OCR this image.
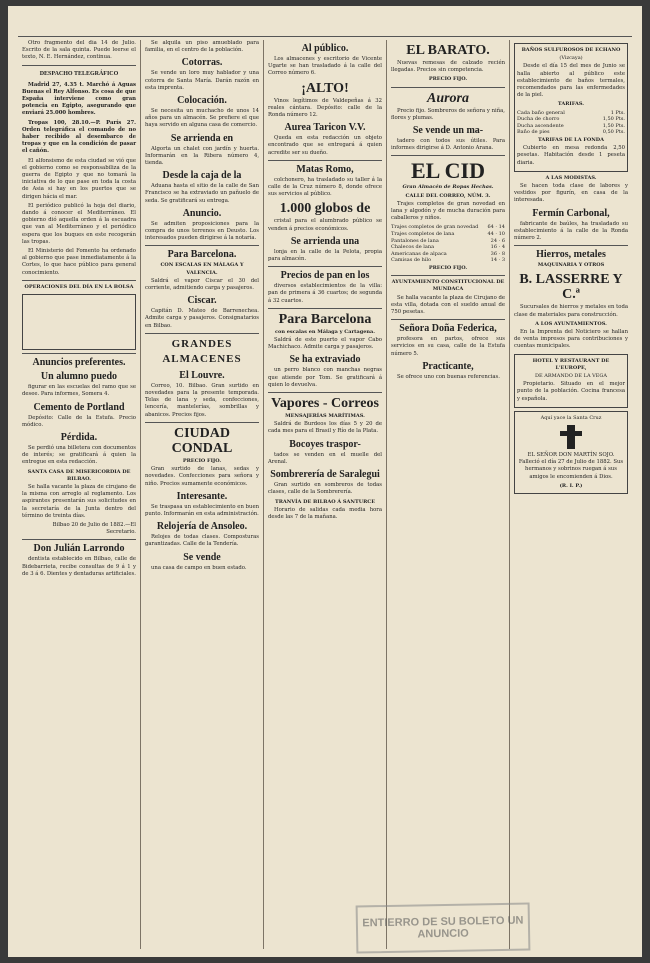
Otro fragmento del día 14 de Julio. Escrito de la sala quinta. Puede leerse el texto, N. E. Hernández, continua.

DESPACHO TELEGRÁFICO

Madrid 27, 4.35 t. Marchó á Aguas Buenas el Rey Alfonso. Es cosa de que España interviene como gran potencia en Egipto, asegurando que enviará 25.000 hombres.

Tropas 100, 28.10.—P. París 27. Orden telegráfica el comando de no haber recibido al desembarco de tropas y que en la condición de pasar el cañón.

El alfonsismo de esta ciudad se vió que el gobierno como se responsabiliza de la guerra de Egipto y que no tomará la iniciativa de lo que pase en toda la costa de Asia si hay en los puertos que se dirigen hácia el mar.

El periódico publicó la hoja del diario, dando á conocer el Mediterráneo. El gobierno dió aquella orden á la escuadra que van al Mediterráneo y el periódico espera que los buques en este recogerán las tropas.

El Ministerio del Fomento ha ordenado al gobierno que pase inmediatamente á la Cortes, lo que hace público para general conocimiento.

OPERACIONES DEL DÍA EN LA BOLSA
Anuncios preferentes.
Un alumno puedo

figurar en las escuelas del ramo que se desee. Para informes, Somera 4.

Cemento de Portland

Depósito: Calle de la Estufa. Precio módico.

Pérdida.

Se perdió una billetera con documentos de interés; se gratificará á quien la entregue en esta redacción.

SANTA CASA DE MISERICORDIA DE BILBAO.

Se halla vacante la plaza de cirujano de la misma con arreglo al reglamento. Los aspirantes presentarán sus solicitudes en la secretaría de la Junta dentro del término de treinta días.

Bilbao 20 de Julio de 1882.—El Secretario.

Don Julián Larrondo

dentista establecido en Bilbao, calle de Bidebarrieta, recibe consultas de 9 á 1 y de 3 á 6. Dientes y dentaduras artificiales.

Se alquila un piso amueblado para familia, en el centro de la población.

Cotorras.

Se vende un loro muy hablador y una cotorra de Santa María. Darán razón en esta imprenta.

Colocación.

Se necesita un muchacho de unos 14 años para un almacén. Se prefiere el que haya servido en alguna casa de comercio.

Se arrienda en

Algorta un chalet con jardín y huerta. Informarán en la Ribera número 4, tienda.

Desde la caja de la

Aduana hasta el sitio de la calle de San Francisco se ha extraviado un pañuelo de seda. Se gratificará su entrega.

Anuncio.

Se admiten proposiciones para la compra de unos terrenos en Deusto. Los interesados pueden dirigirse á la notaría.

Para Barcelona.
CON ESCALAS EN MÁLAGA Y VALENCIA.

Saldrá el vapor Ciscar el 30 del corriente, admitiendo carga y pasajeros.

Ciscar.

Capitán D. Mateo de Barrenechea. Admite carga y pasajeros. Consignatarios en Bilbao.

GRANDES ALMACENES
El Louvre.

Correo, 10. Bilbao. Gran surtido en novedades para la presente temporada. Telas de lana y seda, confecciones, lencería, mantelerías, sombrillas y abanicos. Precios fijos.

CIUDAD CONDAL
PRECIO FIJO.

Gran surtido de lanas, sedas y novedades. Confecciones para señora y niño. Precios sumamente económicos.

Interesante.

Se traspasa un establecimiento en buen punto. Informarán en esta administración.

Relojería de Ansoleo.

Relojes de todas clases. Composturas garantizadas. Calle de la Tendería.

Se vende

una casa de campo en buen estado.

Al público.

Los almacenes y escritorio de Vicente Ugarte se han trasladado á la calle del Correo número 6.

¡ALTO!

Vinos legítimos de Valdepeñas á 32 reales cántara. Depósito: calle de la Ronda número 12.

Aurea Taricon V.V.

Queda en esta redacción un objeto encontrado que se entregará á quien acredite ser su dueño.

Matas Romo,

colchonero, ha trasladado su taller á la calle de la Cruz número 8, donde ofrece sus servicios al público.

1.000 globos de

cristal para el alumbrado público se venden á precios económicos.

Se arrienda una

lonja en la calle de la Pelota, propia para almacén.

Precios de pan en los

diversos establecimientos de la villa: pan de primera á 36 cuartos; de segunda á 32 cuartos.

Para Barcelona
con escalas en Málaga y Cartagena.

Saldrá de este puerto el vapor Cabo Machichaco. Admite carga y pasajeros.

Se ha extraviado

un perro blanco con manchas negras que atiende por Tom. Se gratificará á quien lo devuelva.

Vapores - Correos
MENSAJERÍAS MARÍTIMAS.

Saldrá de Burdeos los días 5 y 20 de cada mes para el Brasil y Río de la Plata.

Bocoyes traspor-

tados se venden en el muelle del Arenal.

Sombrerería de Saralegui

Gran surtido en sombreros de todas clases, calle de la Sombrerería.

TRANVÍA DE BILBAO Á SANTURCE

Horario de salidas cada media hora desde las 7 de la mañana.

EL BARATO.

Nuevas remesas de calzado recién llegadas. Precios sin competencia.

PRECIO FIJO.
Aurora

Precio fijo. Sombreros de señora y niña, flores y plumas.

Se vende un ma-

tadero con todos sus útiles. Para informes dirigirse á D. Antonio Arana.

EL CID
Gran Almacén de Ropas Hechas.
CALLE DEL CORREO, NÚM. 3.

Trajes completos de gran novedad en lana y algodón y de mucha duración para caballeros y niños.

Trajes completos de gran novedad 64 · 14
Trajes completos de lana	44 · 10
Pantalones de lana	24 · 6
Chalecos de lana	16 · 4
Americanas de alpaca	36 · 8
Camisas de hilo	14 · 3
PRECIO FIJO.
AYUNTAMIENTO CONSTITUCIONAL DE MUNDACA

Se halla vacante la plaza de Cirujano de esta villa, dotada con el sueldo anual de 750 pesetas.

Señora Doña Federica,

profesora en partos, ofrece sus servicios en su casa, calle de la Estufa número 5.

Practicante,

Se ofrece uno con buenas referencias.

BAÑOS SULFUROSOS DE ECHANO
(Vizcaya)

Desde el día 15 del mes de Junio se halla abierto al público este establecimiento de baños termales, recomendados para las enfermedades de la piel.

TARIFAS.
Cada baño general	1 Pts.
Ducha de chorro	1,50 Pts.
Ducha ascendente	1,50 Pts.
Baño de pies	0,50 Pts.
TARIFAS DE LA FONDA

Cubierto en mesa redonda 2,50 pesetas. Habitación desde 1 peseta diaria.

A LAS MODISTAS.

Se hacen toda clase de labores y vestidos por figurín, en casa de la interesada.

Fermín Carbonal,

fabricante de baúles, ha trasladado su establecimiento á la calle de la Ronda número 2.

Hierros, metales
MAQUINARIA Y OTROS
B. LASSERRE Y C.ª

Sucursales de hierros y metales en toda clase de materiales para construcción.

A LOS AYUNTAMIENTOS.

En la Imprenta del Noticiero se hallan de venta impresos para contribuciones y cuentas municipales.

HOTEL Y RESTAURANT DE L'EUROPE,
DE ARMANDO DE LA VEGA

Propietario. Situado en el mejor punto de la población. Cocina francesa y española.

Aquí yace la Santa Cruz

EL SEÑOR DON MARTÍN SOJO. Falleció el día 27 de Julio de 1882. Sus hermanos y sobrinos ruegan á sus amigos le encomienden á Dios.

(R. I. P.)
ENTIERRO DE SU BOLETO UN ANUNCIO
